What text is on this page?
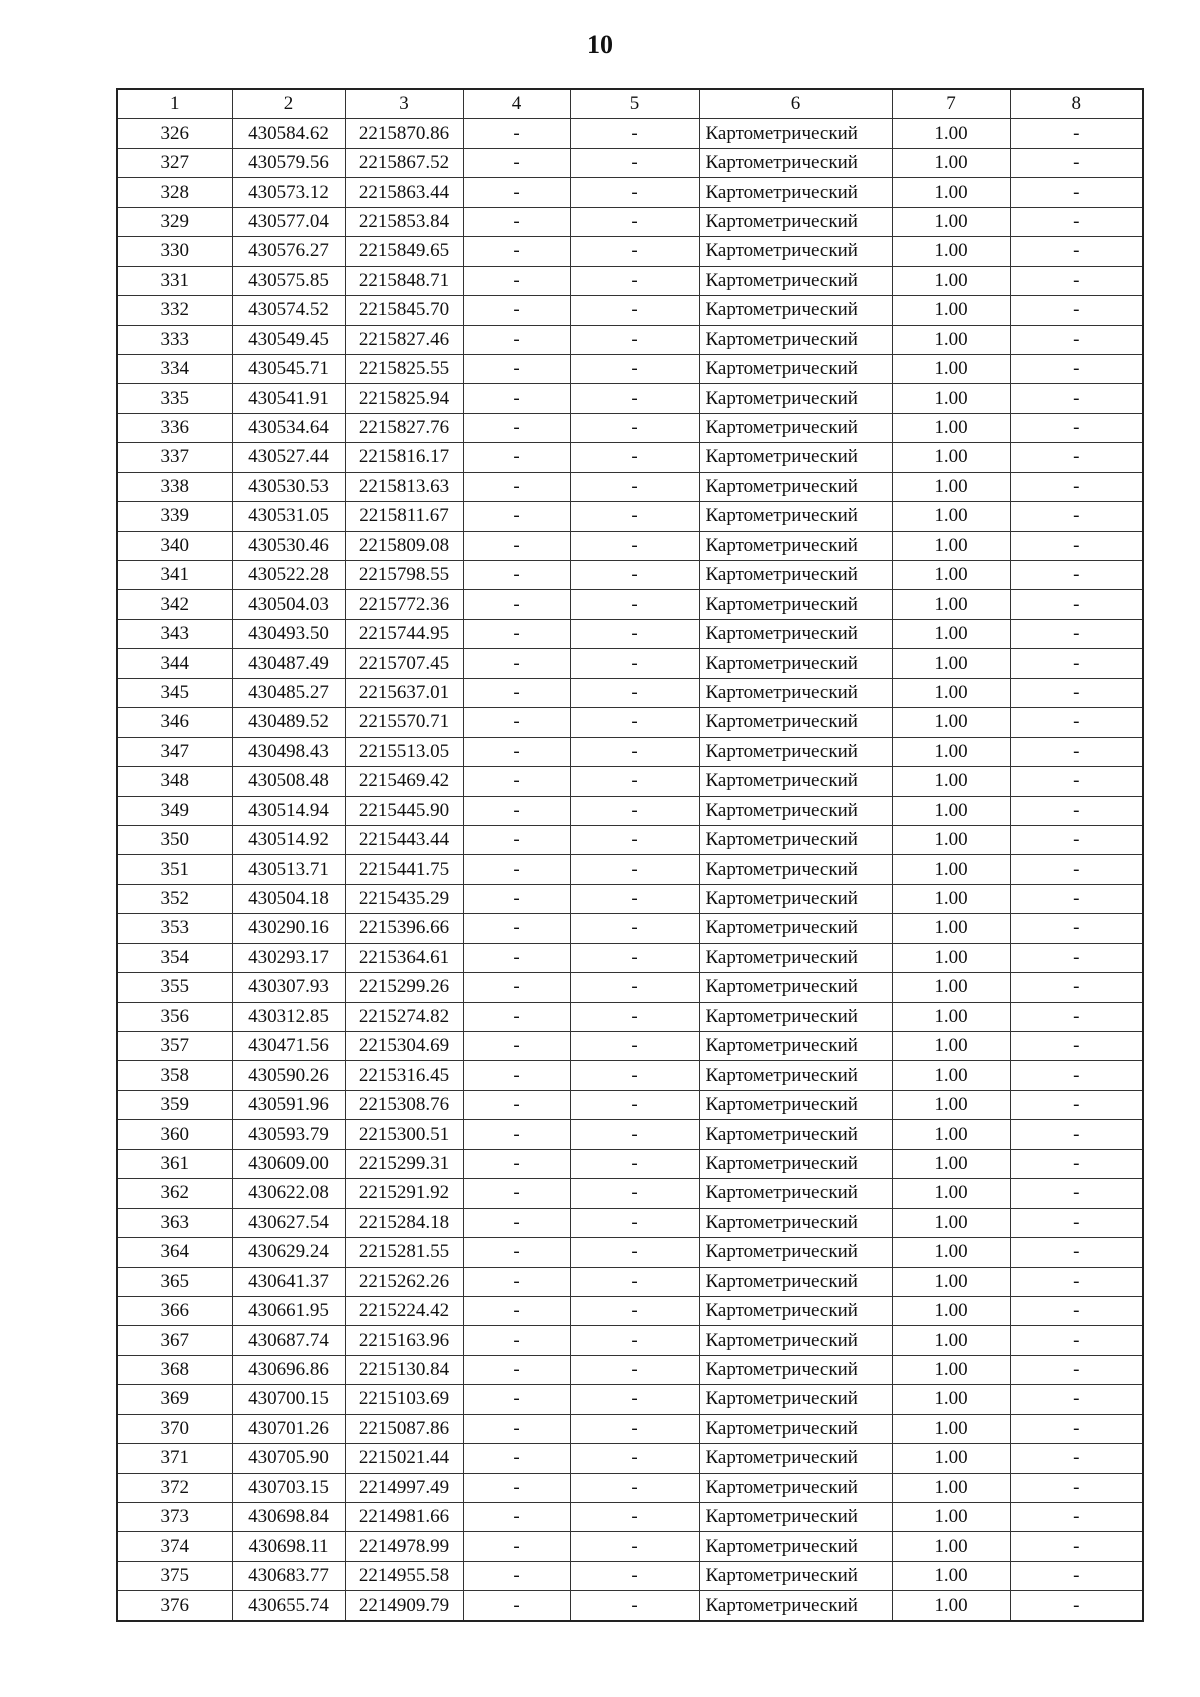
10
1	2	3	4	5	6	7	8
326	430584.62	2215870.86	-	-	Картометрический	1.00	-
327	430579.56	2215867.52	-	-	Картометрический	1.00	-
328	430573.12	2215863.44	-	-	Картометрический	1.00	-
329	430577.04	2215853.84	-	-	Картометрический	1.00	-
330	430576.27	2215849.65	-	-	Картометрический	1.00	-
331	430575.85	2215848.71	-	-	Картометрический	1.00	-
332	430574.52	2215845.70	-	-	Картометрический	1.00	-
333	430549.45	2215827.46	-	-	Картометрический	1.00	-
334	430545.71	2215825.55	-	-	Картометрический	1.00	-
335	430541.91	2215825.94	-	-	Картометрический	1.00	-
336	430534.64	2215827.76	-	-	Картометрический	1.00	-
337	430527.44	2215816.17	-	-	Картометрический	1.00	-
338	430530.53	2215813.63	-	-	Картометрический	1.00	-
339	430531.05	2215811.67	-	-	Картометрический	1.00	-
340	430530.46	2215809.08	-	-	Картометрический	1.00	-
341	430522.28	2215798.55	-	-	Картометрический	1.00	-
342	430504.03	2215772.36	-	-	Картометрический	1.00	-
343	430493.50	2215744.95	-	-	Картометрический	1.00	-
344	430487.49	2215707.45	-	-	Картометрический	1.00	-
345	430485.27	2215637.01	-	-	Картометрический	1.00	-
346	430489.52	2215570.71	-	-	Картометрический	1.00	-
347	430498.43	2215513.05	-	-	Картометрический	1.00	-
348	430508.48	2215469.42	-	-	Картометрический	1.00	-
349	430514.94	2215445.90	-	-	Картометрический	1.00	-
350	430514.92	2215443.44	-	-	Картометрический	1.00	-
351	430513.71	2215441.75	-	-	Картометрический	1.00	-
352	430504.18	2215435.29	-	-	Картометрический	1.00	-
353	430290.16	2215396.66	-	-	Картометрический	1.00	-
354	430293.17	2215364.61	-	-	Картометрический	1.00	-
355	430307.93	2215299.26	-	-	Картометрический	1.00	-
356	430312.85	2215274.82	-	-	Картометрический	1.00	-
357	430471.56	2215304.69	-	-	Картометрический	1.00	-
358	430590.26	2215316.45	-	-	Картометрический	1.00	-
359	430591.96	2215308.76	-	-	Картометрический	1.00	-
360	430593.79	2215300.51	-	-	Картометрический	1.00	-
361	430609.00	2215299.31	-	-	Картометрический	1.00	-
362	430622.08	2215291.92	-	-	Картометрический	1.00	-
363	430627.54	2215284.18	-	-	Картометрический	1.00	-
364	430629.24	2215281.55	-	-	Картометрический	1.00	-
365	430641.37	2215262.26	-	-	Картометрический	1.00	-
366	430661.95	2215224.42	-	-	Картометрический	1.00	-
367	430687.74	2215163.96	-	-	Картометрический	1.00	-
368	430696.86	2215130.84	-	-	Картометрический	1.00	-
369	430700.15	2215103.69	-	-	Картометрический	1.00	-
370	430701.26	2215087.86	-	-	Картометрический	1.00	-
371	430705.90	2215021.44	-	-	Картометрический	1.00	-
372	430703.15	2214997.49	-	-	Картометрический	1.00	-
373	430698.84	2214981.66	-	-	Картометрический	1.00	-
374	430698.11	2214978.99	-	-	Картометрический	1.00	-
375	430683.77	2214955.58	-	-	Картометрический	1.00	-
376	430655.74	2214909.79	-	-	Картометрический	1.00	-
